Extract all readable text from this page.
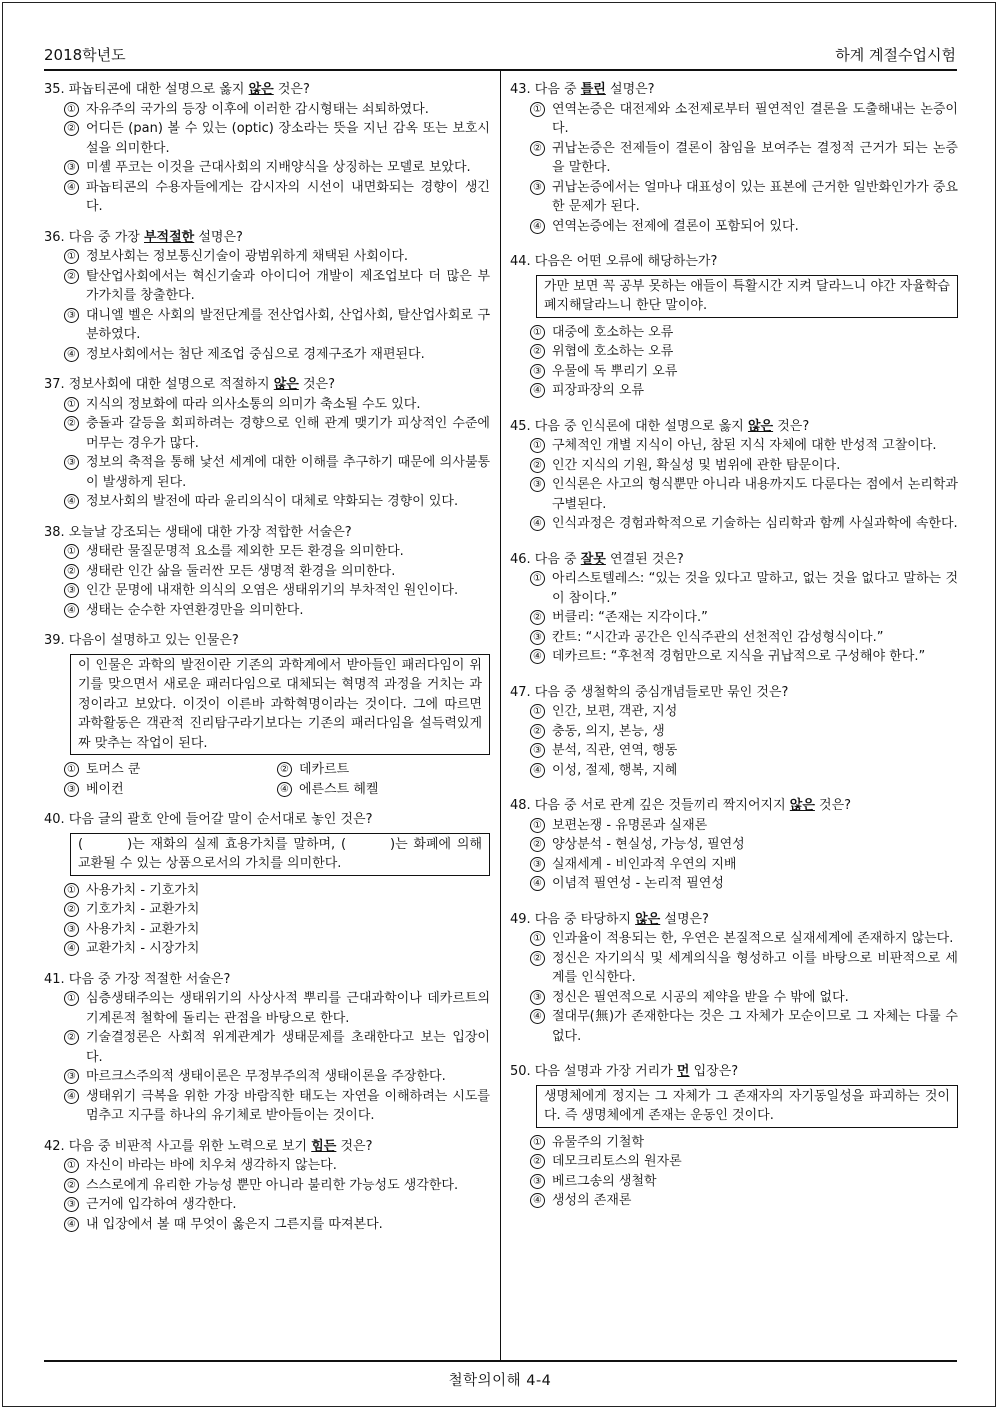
2018학년도	하계 계절수업시험
철학의이해 4-4
35. 파놉티콘에 대한 설명으로 옳지 않은 것은?
① 자유주의 국가의 등장 이후에 이러한 감시형태는 쇠퇴하였다.
② 어디든 (pan) 볼 수 있는 (optic) 장소라는 뜻을 지닌 감옥 또는 보호시설을 의미한다.
③ 미셸 푸코는 이것을 근대사회의 지배양식을 상징하는 모델로 보았다.
④ 파놉티콘의 수용자들에게는 감시자의 시선이 내면화되는 경향이 생긴다.
36. 다음 중 가장 부적절한 설명은?
① 정보사회는 정보통신기술이 광범위하게 채택된 사회이다.
② 탈산업사회에서는 혁신기술과 아이디어 개발이 제조업보다 더 많은 부가가치를 창출한다.
③ 대니엘 벨은 사회의 발전단계를 전산업사회, 산업사회, 탈산업사회로 구분하였다.
④ 정보사회에서는 첨단 제조업 중심으로 경제구조가 재편된다.
37. 정보사회에 대한 설명으로 적절하지 않은 것은?
① 지식의 정보화에 따라 의사소통의 의미가 축소될 수도 있다.
② 충돌과 갈등을 회피하려는 경향으로 인해 관계 맺기가 피상적인 수준에 머무는 경우가 많다.
③ 정보의 축적을 통해 낯선 세계에 대한 이해를 추구하기 때문에 의사불통이 발생하게 된다.
④ 정보사회의 발전에 따라 윤리의식이 대체로 약화되는 경향이 있다.
38. 오늘날 강조되는 생태에 대한 가장 적합한 서술은?
① 생태란 물질문명적 요소를 제외한 모든 환경을 의미한다.
② 생태란 인간 삶을 둘러싼 모든 생명적 환경을 의미한다.
③ 인간 문명에 내재한 의식의 오염은 생태위기의 부차적인 원인이다.
④ 생태는 순수한 자연환경만을 의미한다.
39. 다음이 설명하고 있는 인물은?
이 인물은 과학의 발전이란 기존의 과학계에서 받아들인 패러다임이 위기를 맞으면서 새로운 패러다임으로 대체되는 혁명적 과정을 거치는 과정이라고 보았다. 이것이 이른바 과학혁명이라는 것이다. 그에 따르면 과학활동은 객관적 진리탐구라기보다는 기존의 패러다임을 설득력있게 짜 맞추는 작업이 된다.
① 토머스 쿤	② 데카르트
③ 베이컨	④ 에른스트 헤켈
40. 다음 글의 괄호 안에 들어갈 말이 순서대로 놓인 것은?
(	)는 재화의 실제 효용가치를 말하며, (	)는 화폐에 의해 교환될 수 있는 상품으로서의 가치를 의미한다.
① 사용가치 - 기호가치
② 기호가치 - 교환가치
③ 사용가치 - 교환가치
④ 교환가치 - 시장가치
41. 다음 중 가장 적절한 서술은?
① 심층생태주의는 생태위기의 사상사적 뿌리를 근대과학이나 데카르트의 기계론적 철학에 돌리는 관점을 바탕으로 한다.
② 기술결정론은 사회적 위계관계가 생태문제를 초래한다고 보는 입장이다.
③ 마르크스주의적 생태이론은 무정부주의적 생태이론을 주장한다.
④ 생태위기 극복을 위한 가장 바람직한 태도는 자연을 이해하려는 시도를 멈추고 지구를 하나의 유기체로 받아들이는 것이다.
42. 다음 중 비판적 사고를 위한 노력으로 보기 힘든 것은?
① 자신이 바라는 바에 치우쳐 생각하지 않는다.
② 스스로에게 유리한 가능성 뿐만 아니라 불리한 가능성도 생각한다.
③ 근거에 입각하여 생각한다.
④ 내 입장에서 볼 때 무엇이 옳은지 그른지를 따져본다.
43. 다음 중 틀린 설명은?
① 연역논증은 대전제와 소전제로부터 필연적인 결론을 도출해내는 논증이다.
② 귀납논증은 전제들이 결론이 참임을 보여주는 결정적 근거가 되는 논증을 말한다.
③ 귀납논증에서는 얼마나 대표성이 있는 표본에 근거한 일반화인가가 중요한 문제가 된다.
④ 연역논증에는 전제에 결론이 포함되어 있다.
44. 다음은 어떤 오류에 해당하는가?
가만 보면 꼭 공부 못하는 애들이 특활시간 지켜 달라느니 야간 자율학습 폐지해달라느니 한단 말이야.
① 대중에 호소하는 오류
② 위협에 호소하는 오류
③ 우물에 독 뿌리기 오류
④ 피장파장의 오류
45. 다음 중 인식론에 대한 설명으로 옳지 않은 것은?
① 구체적인 개별 지식이 아닌, 참된 지식 자체에 대한 반성적 고찰이다.
② 인간 지식의 기원, 확실성 및 범위에 관한 탐문이다.
③ 인식론은 사고의 형식뿐만 아니라 내용까지도 다룬다는 점에서 논리학과 구별된다.
④ 인식과정은 경험과학적으로 기술하는 심리학과 함께 사실과학에 속한다.
46. 다음 중 잘못 연결된 것은?
① 아리스토텔레스: “있는 것을 있다고 말하고, 없는 것을 없다고 말하는 것이 참이다.”
② 버클리: “존재는 지각이다.”
③ 칸트: “시간과 공간은 인식주관의 선천적인 감성형식이다.”
④ 데카르트: “후천적 경험만으로 지식을 귀납적으로 구성해야 한다.”
47. 다음 중 생철학의 중심개념들로만 묶인 것은?
① 인간, 보편, 객관, 지성
② 충동, 의지, 본능, 생
③ 분석, 직관, 연역, 행동
④ 이성, 절제, 행복, 지혜
48. 다음 중 서로 관계 깊은 것들끼리 짝지어지지 않은 것은?
① 보편논쟁 - 유명론과 실재론
② 양상분석 - 현실성, 가능성, 필연성
③ 실재세계 - 비인과적 우연의 지배
④ 이념적 필연성 - 논리적 필연성
49. 다음 중 타당하지 않은 설명은?
① 인과율이 적용되는 한, 우연은 본질적으로 실재세계에 존재하지 않는다.
② 정신은 자기의식 및 세계의식을 형성하고 이를 바탕으로 비판적으로 세계를 인식한다.
③ 정신은 필연적으로 시공의 제약을 받을 수 밖에 없다.
④ 절대무(無)가 존재한다는 것은 그 자체가 모순이므로 그 자체는 다룰 수 없다.
50. 다음 설명과 가장 거리가 먼 입장은?
생명체에게 정지는 그 자체가 그 존재자의 자기동일성을 파괴하는 것이다. 즉 생명체에게 존재는 운동인 것이다.
① 유물주의 기철학
② 데모크리토스의 원자론
③ 베르그송의 생철학
④ 생성의 존재론
